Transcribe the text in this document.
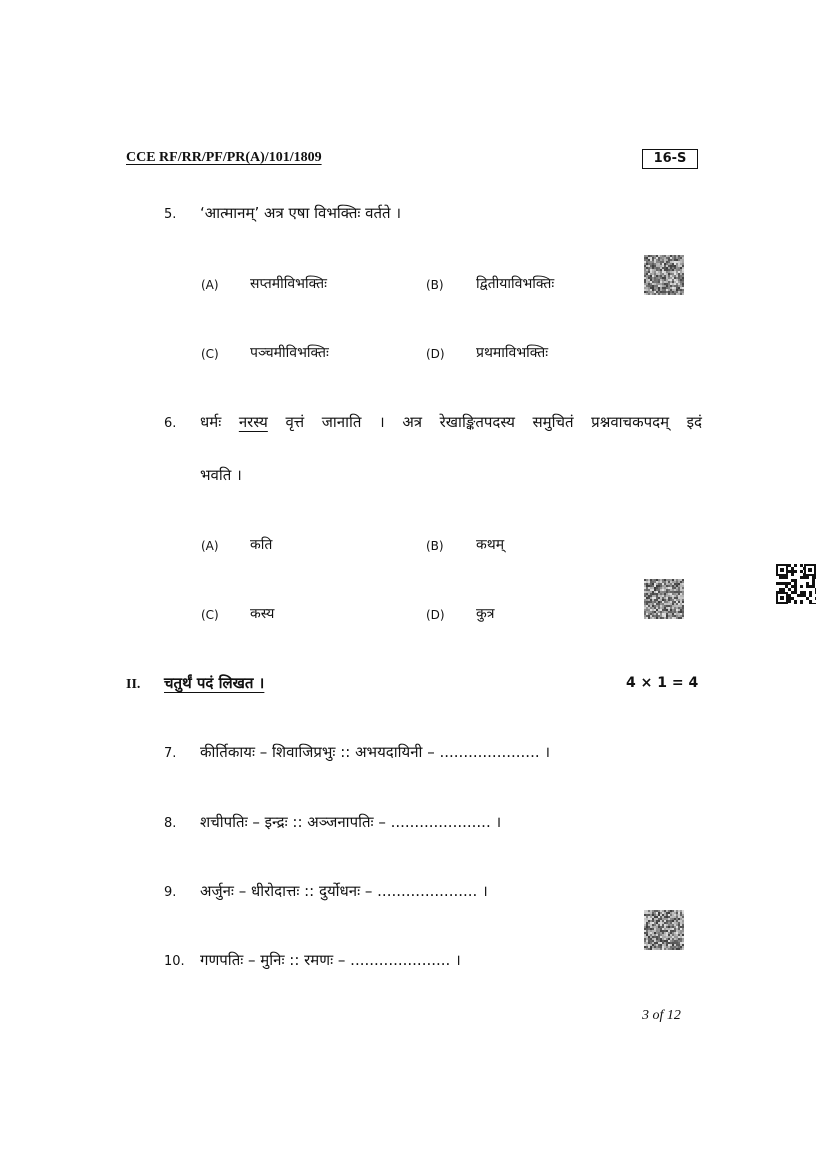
CCE RF/RR/PF/PR(A)/101/1809	16-S
5. ‘आत्मानम्’ अत्र एषा विभक्तिः वर्तते ।
(A) सप्तमीविभक्तिः	(B) द्वितीयाविभक्तिः
(C) पञ्चमीविभक्तिः	(D) प्रथमाविभक्तिः
6. धर्मः नरस्य वृत्तं जानाति । अत्र रेखाङ्कितपदस्य समुचितं प्रश्नवाचकपदम् इदं
भवति ।
(A) कति	(B) कथम्
(C) कस्य	(D) कुत्र
II. चतुर्थं पदं लिखत ।	4 × 1 = 4
7. कीर्तिकायः – शिवाजिप्रभुः :: अभयदायिनी – ..................... ।
8. शचीपतिः – इन्द्रः :: अञ्जनापतिः – ..................... ।
9. अर्जुनः – धीरोदात्तः :: दुर्योधनः – ..................... ।
10. गणपतिः – मुनिः :: रमणः – ..................... ।
3 of 12
